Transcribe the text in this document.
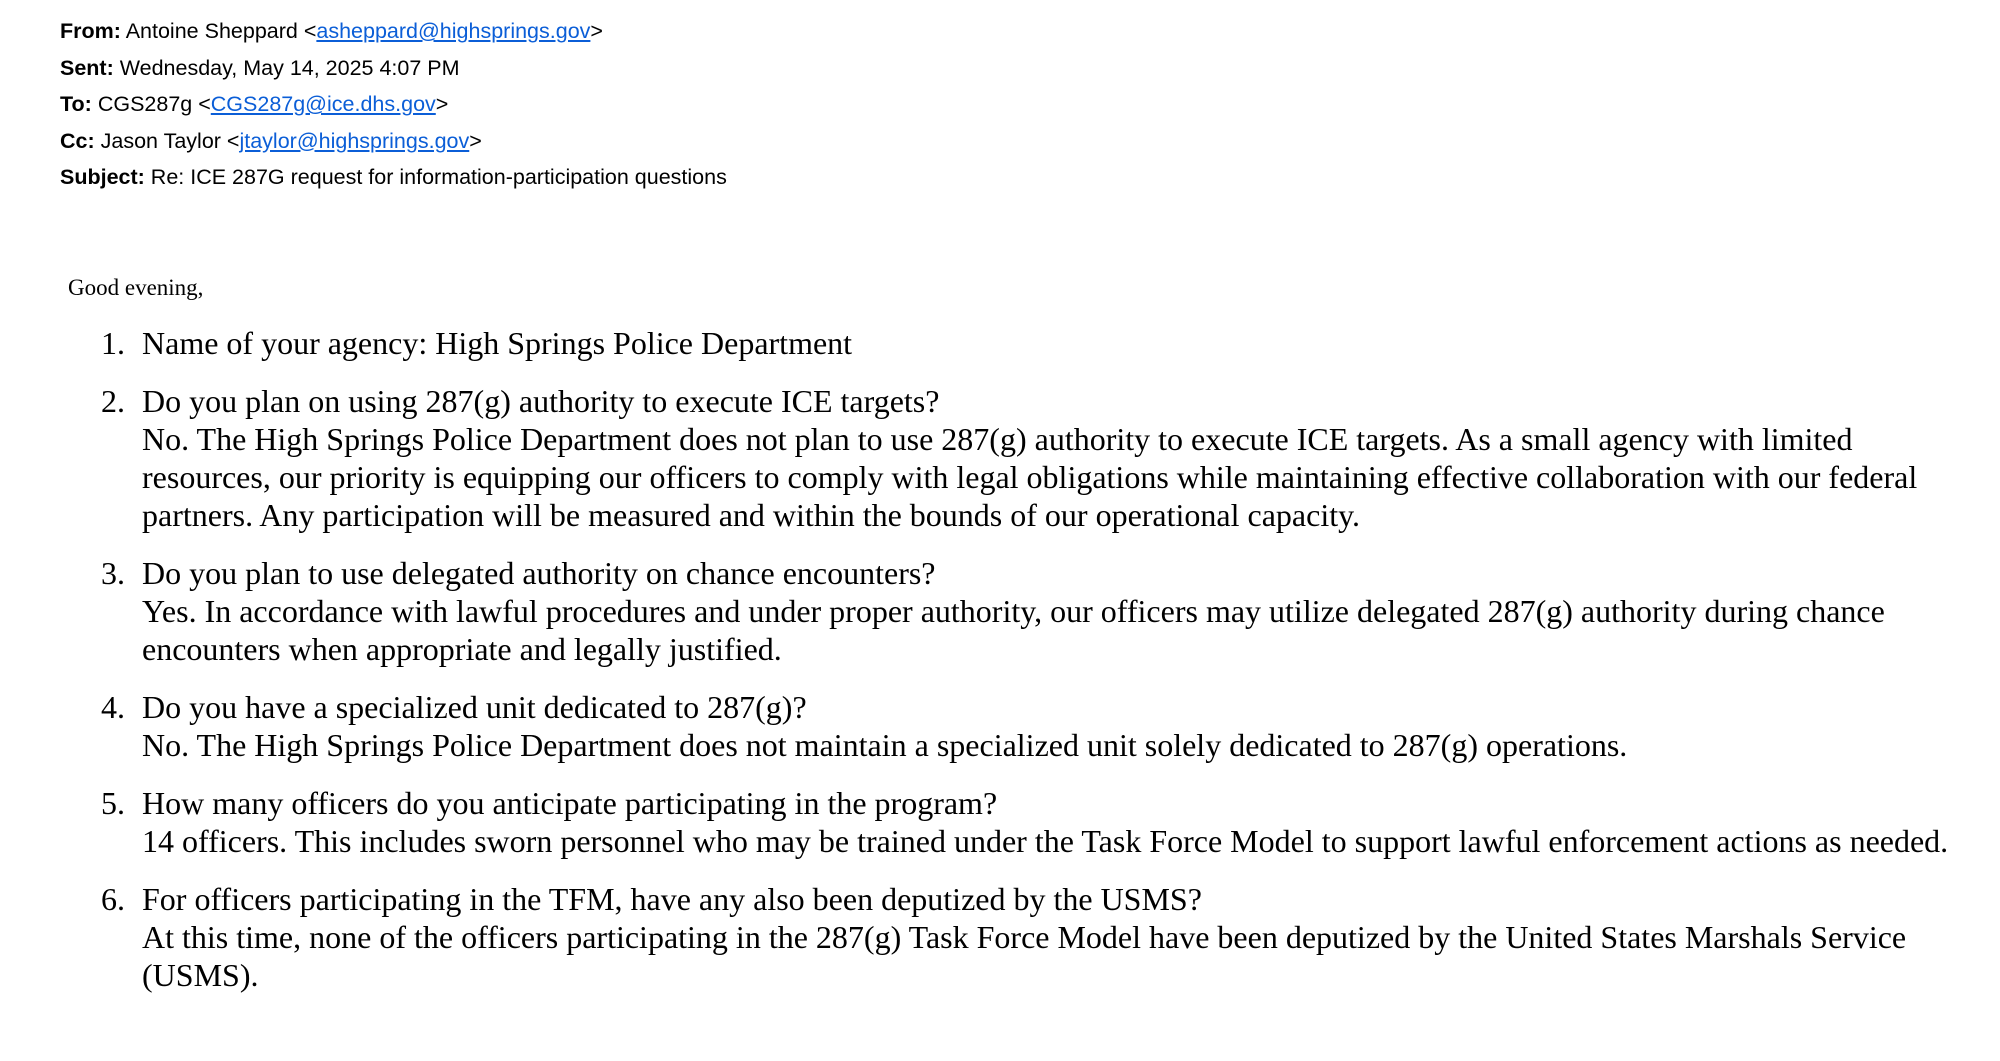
From: Antoine Sheppard <asheppard@highsprings.gov>
Sent: Wednesday, May 14, 2025 4:07 PM
To: CGS287g <CGS287g@ice.dhs.gov>
Cc: Jason Taylor <jtaylor@highsprings.gov>
Subject: Re: ICE 287G request for information-participation questions
Good evening,
1. Name of your agency: High Springs Police Department
2. Do you plan on using 287(g) authority to execute ICE targets?
No. The High Springs Police Department does not plan to use 287(g) authority to execute ICE targets. As a small agency with limited resources, our priority is equipping our officers to comply with legal obligations while maintaining effective collaboration with our federal partners. Any participation will be measured and within the bounds of our operational capacity.
3. Do you plan to use delegated authority on chance encounters?
Yes. In accordance with lawful procedures and under proper authority, our officers may utilize delegated 287(g) authority during chance encounters when appropriate and legally justified.
4. Do you have a specialized unit dedicated to 287(g)?
No. The High Springs Police Department does not maintain a specialized unit solely dedicated to 287(g) operations.
5. How many officers do you anticipate participating in the program?
14 officers. This includes sworn personnel who may be trained under the Task Force Model to support lawful enforcement actions as needed.
6. For officers participating in the TFM, have any also been deputized by the USMS?
At this time, none of the officers participating in the 287(g) Task Force Model have been deputized by the United States Marshals Service (USMS).
